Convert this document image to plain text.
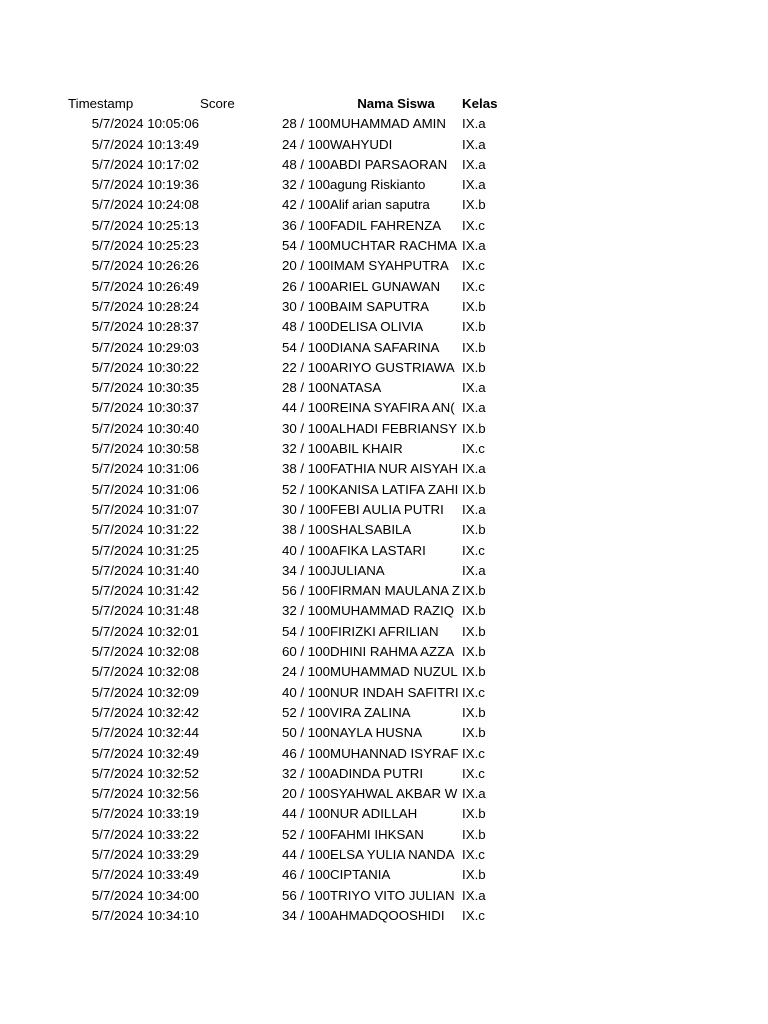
Timestamp	Score	Nama Siswa	Kelas
5/7/2024 10:05:06	28 / 100 MUHAMMAD AMIN	IX.a
5/7/2024 10:13:49	24 / 100 WAHYUDI	IX.a
5/7/2024 10:17:02	48 / 100 ABDI PARSAORAN	IX.a
5/7/2024 10:19:36	32 / 100 agung Riskianto	IX.a
5/7/2024 10:24:08	42 / 100 Alif arian saputra	IX.b
5/7/2024 10:25:13	36 / 100 FADIL FAHRENZA	IX.c
5/7/2024 10:25:23	54 / 100 MUCHTAR RACHMA IX.a
5/7/2024 10:26:26	20 / 100 IMAM SYAHPUTRA IX.c
5/7/2024 10:26:49	26 / 100 ARIEL GUNAWAN	IX.c
5/7/2024 10:28:24	30 / 100 BAIM SAPUTRA	IX.b
5/7/2024 10:28:37	48 / 100 DELISA OLIVIA	IX.b
5/7/2024 10:29:03	54 / 100 DIANA SAFARINA	IX.b
5/7/2024 10:30:22	22 / 100 ARIYO GUSTRIAWA IX.b
5/7/2024 10:30:35	28 / 100 NATASA	IX.a
5/7/2024 10:30:37	44 / 100 REINA SYAFIRA AN( IX.a
5/7/2024 10:30:40	30 / 100 ALHADI FEBRIANSY IX.b
5/7/2024 10:30:58	32 / 100 ABIL KHAIR	IX.c
5/7/2024 10:31:06	38 / 100 FATHIA NUR AISYAH IX.a
5/7/2024 10:31:06	52 / 100 KANISA LATIFA ZAHI IX.b
5/7/2024 10:31:07	30 / 100 FEBI AULIA PUTRI	IX.a
5/7/2024 10:31:22	38 / 100 SHALSABILA	IX.b
5/7/2024 10:31:25	40 / 100 AFIKA LASTARI	IX.c
5/7/2024 10:31:40	34 / 100 JULIANA	IX.a
5/7/2024 10:31:42	56 / 100 FIRMAN MAULANA Z IX.b
5/7/2024 10:31:48	32 / 100 MUHAMMAD RAZIQ IX.b
5/7/2024 10:32:01	54 / 100 FIRIZKI AFRILIAN	IX.b
5/7/2024 10:32:08	60 / 100 DHINI RAHMA AZZA IX.b
5/7/2024 10:32:08	24 / 100 MUHAMMAD NUZUL IX.b
5/7/2024 10:32:09	40 / 100 NUR INDAH SAFITRI IX.c
5/7/2024 10:32:42	52 / 100 VIRA ZALINA	IX.b
5/7/2024 10:32:44	50 / 100 NAYLA HUSNA	IX.b
5/7/2024 10:32:49	46 / 100 MUHANNAD ISYRAF IX.c
5/7/2024 10:32:52	32 / 100 ADINDA PUTRI	IX.c
5/7/2024 10:32:56	20 / 100 SYAHWAL AKBAR W IX.a
5/7/2024 10:33:19	44 / 100 NUR ADILLAH	IX.b
5/7/2024 10:33:22	52 / 100 FAHMI IHKSAN	IX.b
5/7/2024 10:33:29	44 / 100 ELSA YULIA NANDA IX.c
5/7/2024 10:33:49	46 / 100 CIPTANIA	IX.b
5/7/2024 10:34:00	56 / 100 TRIYO VITO JULIAN IX.a
5/7/2024 10:34:10	34 / 100 AHMADQOOSHIDI	IX.c
